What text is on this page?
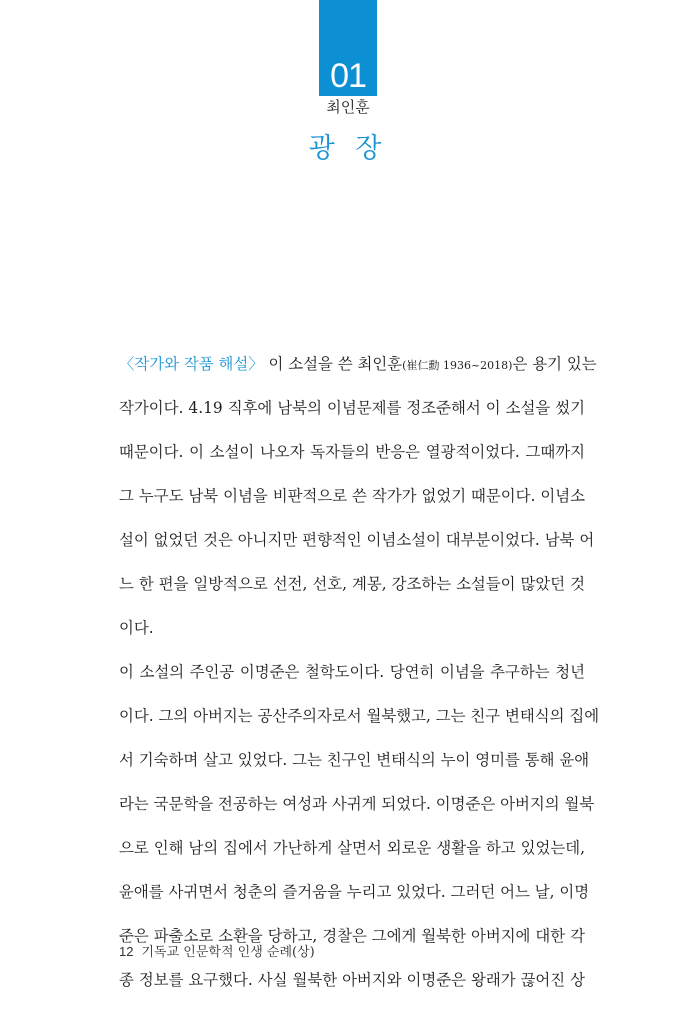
01
최인훈
광 장
〈작가와 작품 해설〉 이 소설을 쓴 최인훈(崔仁勳 1936~2018)은 용기 있는
작가이다. 4.19 직후에 남북의 이념문제를 정조준해서 이 소설을 썼기
때문이다. 이 소설이 나오자 독자들의 반응은 열광적이었다. 그때까지
그 누구도 남북 이념을 비판적으로 쓴 작가가 없었기 때문이다. 이념소
설이 없었던 것은 아니지만 편향적인 이념소설이 대부분이었다. 남북 어
느 한 편을 일방적으로 선전, 선호, 계몽, 강조하는 소설들이 많았던 것
이다.
이 소설의 주인공 이명준은 철학도이다. 당연히 이념을 추구하는 청년
이다. 그의 아버지는 공산주의자로서 월북했고, 그는 친구 변태식의 집에
서 기숙하며 살고 있었다. 그는 친구인 변태식의 누이 영미를 통해 윤애
라는 국문학을 전공하는 여성과 사귀게 되었다. 이명준은 아버지의 월북
으로 인해 남의 집에서 가난하게 살면서 외로운 생활을 하고 있었는데,
윤애를 사귀면서 청춘의 즐거움을 누리고 있었다. 그러던 어느 날, 이명
준은 파출소로 소환을 당하고, 경찰은 그에게 월북한 아버지에 대한 각
종 정보를 요구했다. 사실 월북한 아버지와 이명준은 왕래가 끊어진 상
12 기독교 인문학적 인생 순례(상)
